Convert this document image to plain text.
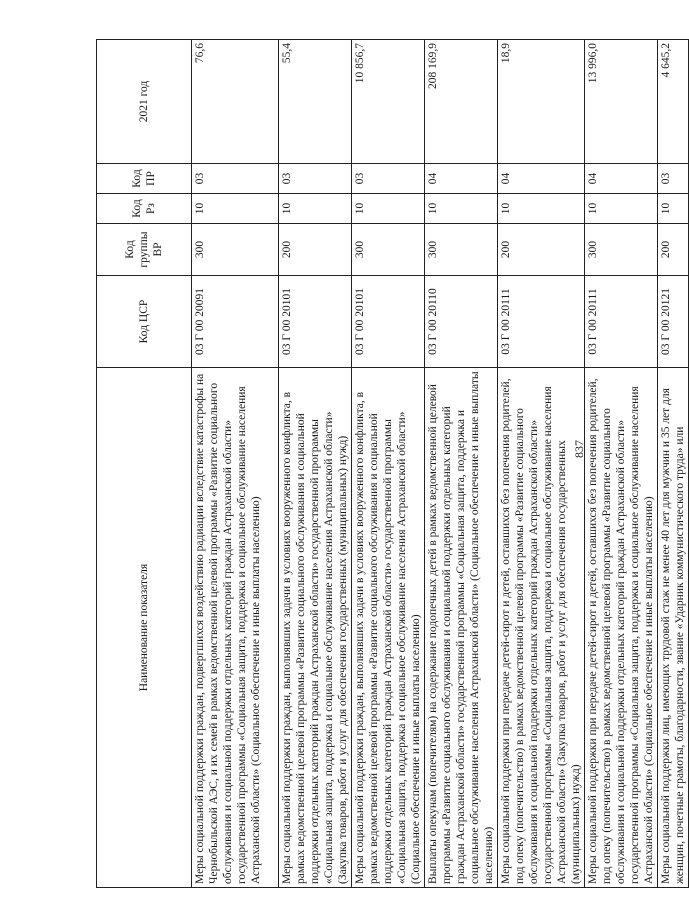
837
Наименование показателя	Код ЦСР	Код группы ВР	Код Рз	Код ПР	2021 год
Меры социальной поддержки граждан, подвергшихся воздействию радиации вследствие катастрофы на Чернобыльской АЭС, и их семей в рамках ведомственной целевой программы «Развитие социального обслуживания и социальной поддержки отдельных категорий граждан Астраханской области» государственной программы «Социальная защита, поддержка и социальное обслуживание населения Астраханской области» (Социальное обеспечение и иные выплаты населению)	03 Г 00 20091	300	10	03	76,6
Меры социальной поддержки граждан, выполнявших задачи в условиях вооруженного конфликта, в рамках ведомственной целевой программы «Развитие социального обслуживания и социальной поддержки отдельных категорий граждан Астраханской области» государственной программы «Социальная защита, поддержка и социальное обслуживание населения Астраханской области» (Закупка товаров, работ и услуг для обеспечения государственных (муниципальных) нужд)	03 Г 00 20101	200	10	03	55,4
Меры социальной поддержки граждан, выполнявших задачи в условиях вооруженного конфликта, в рамках ведомственной целевой программы «Развитие социального обслуживания и социальной поддержки отдельных категорий граждан Астраханской области» государственной программы «Социальная защита, поддержка и социальное обслуживание населения Астраханской области» (Социальное обеспечение и иные выплаты населению)	03 Г 00 20101	300	10	03	10 856,7
Выплаты опекунам (попечителям) на содержание подопечных детей в рамках ведомственной целевой программы «Развитие социального обслуживания и социальной поддержки отдельных категорий граждан Астраханской области» государственной программы «Социальная защита, поддержка и социальное обслуживание населения Астраханской области» (Социальное обеспечение и иные выплаты населению)	03 Г 00 20110	300	10	04	208 169,9
Меры социальной поддержки при передаче детей-сирот и детей, оставшихся без попечения родителей, под опеку (попечительство) в рамках ведомственной целевой программы «Развитие социального обслуживания и социальной поддержки отдельных категорий граждан Астраханской области» государственной программы «Социальная защита, поддержка и социальное обслуживание населения Астраханской области» (Закупка товаров, работ и услуг для обеспечения государственных (муниципальных) нужд)	03 Г 00 20111	200	10	04	18,9
Меры социальной поддержки при передаче детей-сирот и детей, оставшихся без попечения родителей, под опеку (попечительство) в рамках ведомственной целевой программы «Развитие социального обслуживания и социальной поддержки отдельных категорий граждан Астраханской области» государственной программы «Социальная защита, поддержка и социальное обслуживание населения Астраханской области» (Социальное обеспечение и иные выплаты населению)	03 Г 00 20111	300	10	04	13 996,0
Меры социальной поддержки лиц, имеющих трудовой стаж не менее 40 лет для мужчин и 35 лет для женщин, почетные грамоты, благодарности, звание «Ударник коммунистического труда» или	03 Г 00 20121	200	10	03	4 645,2
